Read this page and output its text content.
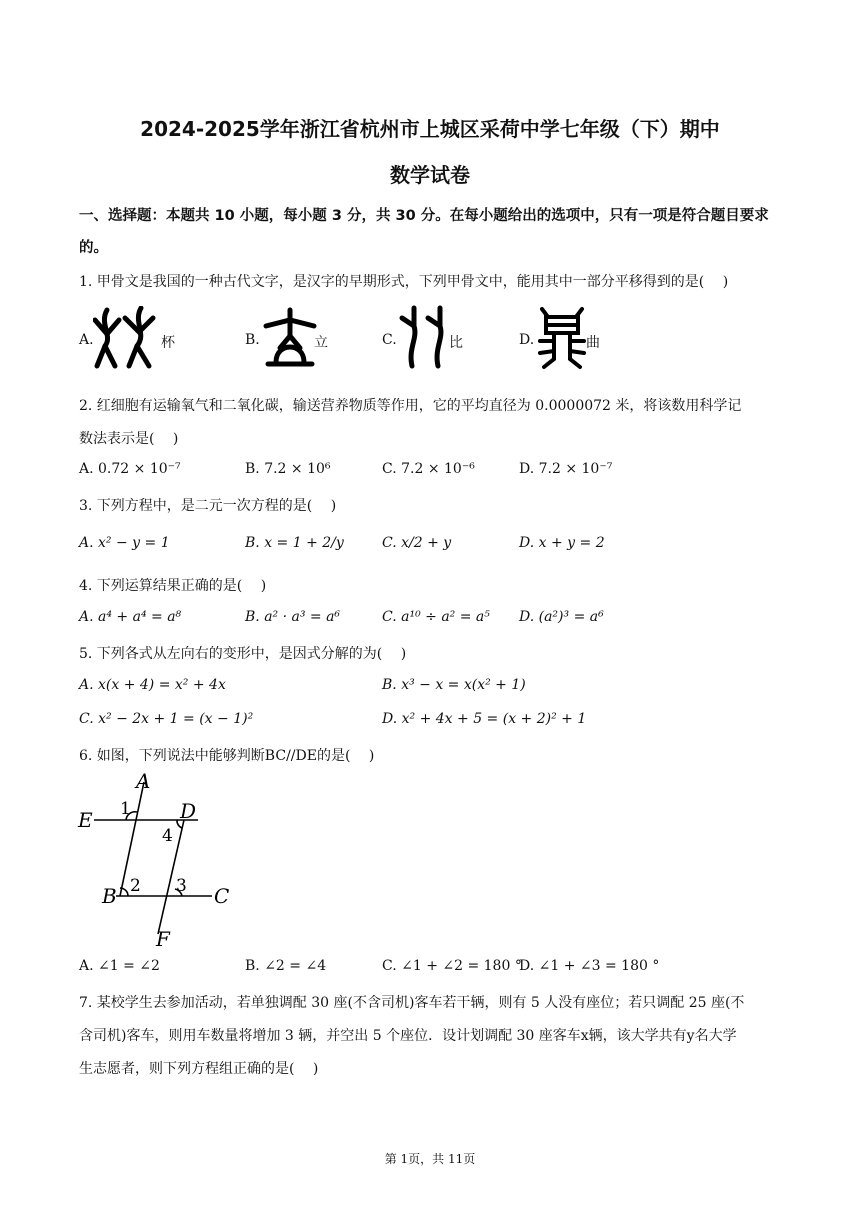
2024-2025学年浙江省杭州市上城区采荷中学七年级（下）期中
数学试卷
一、选择题：本题共 10 小题，每小题 3 分，共 30 分。在每小题给出的选项中，只有一项是符合题目要求
的。
1. 甲骨文是我国的一种古代文字，是汉字的早期形式，下列甲骨文中，能用其中一部分平移得到的是(　 )
A.	杯	B.	立	C.	比	D.	曲
2. 红细胞有运输氧气和二氧化碳，输送营养物质等作用，它的平均直径为 0.0000072 米，将该数用科学记
数法表示是(　 )
A. 0.72 × 10⁻⁷	B. 7.2 × 10⁶	C. 7.2 × 10⁻⁶	D. 7.2 × 10⁻⁷
3. 下列方程中，是二元一次方程的是(　 )
A. x² − y = 1	B. x = 1 + 2/y	C. x/2 + y	D. x + y = 2
4. 下列运算结果正确的是(　 )
A. a⁴ + a⁴ = a⁸	B. a² · a³ = a⁶	C. a¹⁰ ÷ a² = a⁵ D. (a²)³ = a⁶
5. 下列各式从左向右的变形中，是因式分解的为(　 )
A. x(x + 4) = x² + 4x	B. x³ − x = x(x² + 1)
C. x² − 2x + 1 = (x − 1)²	D. x² + 4x + 5 = (x + 2)² + 1
6. 如图，下列说法中能够判断BC//DE的是(　 )
A
D
E
B	C
F
1
4
2 3
A. ∠1 = ∠2	B. ∠2 = ∠4	C. ∠1 + ∠2 = 180 °
D. ∠1 + ∠3 = 180 °
7. 某校学生去参加活动，若单独调配 30 座(不含司机)客车若干辆，则有 5 人没有座位；若只调配 25 座(不
含司机)客车，则用车数量将增加 3 辆，并空出 5 个座位．设计划调配 30 座客车x辆，该大学共有y名大学
生志愿者，则下列方程组正确的是(　 )
第 1页，共 11页
